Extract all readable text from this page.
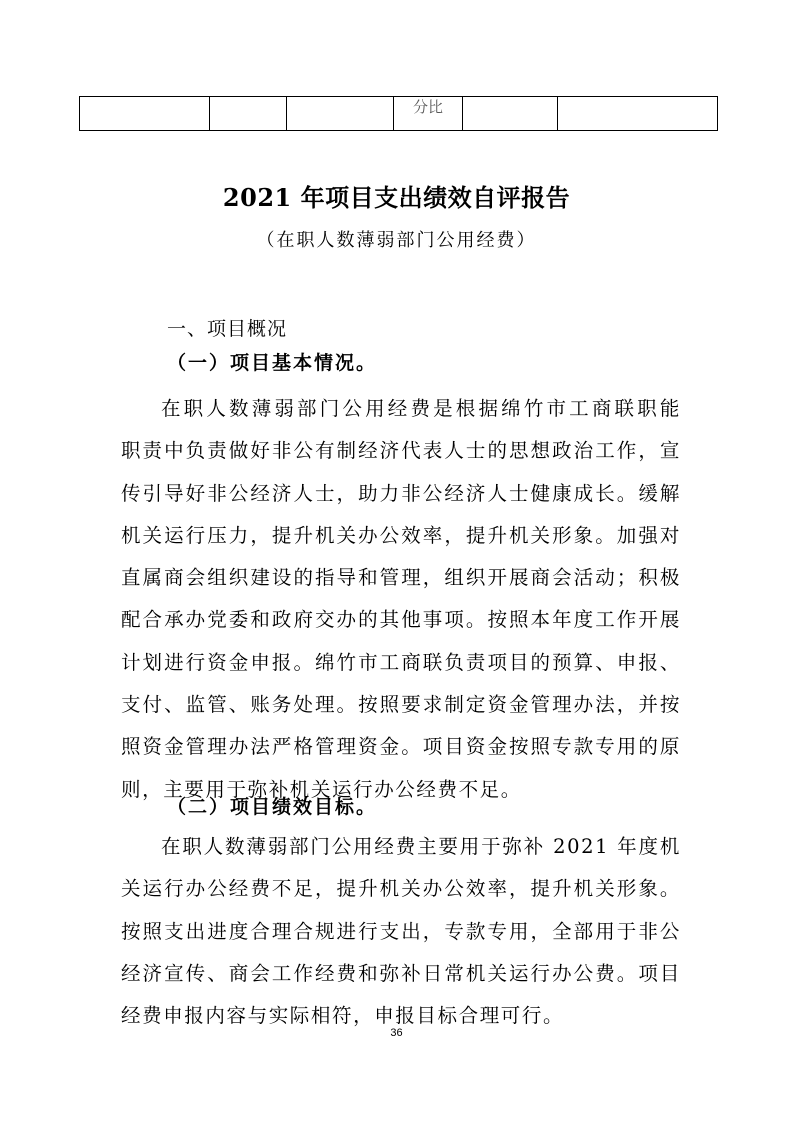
			分比		
2021 年项目支出绩效自评报告
（在职人数薄弱部门公用经费）
一、项目概况
（一）项目基本情况。
在职人数薄弱部门公用经费是根据绵竹市工商联职能
职责中负责做好非公有制经济代表人士的思想政治工作，宣
传引导好非公经济人士，助力非公经济人士健康成长。缓解
机关运行压力，提升机关办公效率，提升机关形象。加强对
直属商会组织建设的指导和管理，组织开展商会活动；积极
配合承办党委和政府交办的其他事项。按照本年度工作开展
计划进行资金申报。绵竹市工商联负责项目的预算、申报、
支付、监管、账务处理。按照要求制定资金管理办法，并按
照资金管理办法严格管理资金。项目资金按照专款专用的原
则，主要用于弥补机关运行办公经费不足。
（二）项目绩效目标。
在职人数薄弱部门公用经费主要用于弥补 2021 年度机
关运行办公经费不足，提升机关办公效率，提升机关形象。
按照支出进度合理合规进行支出，专款专用，全部用于非公
经济宣传、商会工作经费和弥补日常机关运行办公费。项目
经费申报内容与实际相符，申报目标合理可行。
36
